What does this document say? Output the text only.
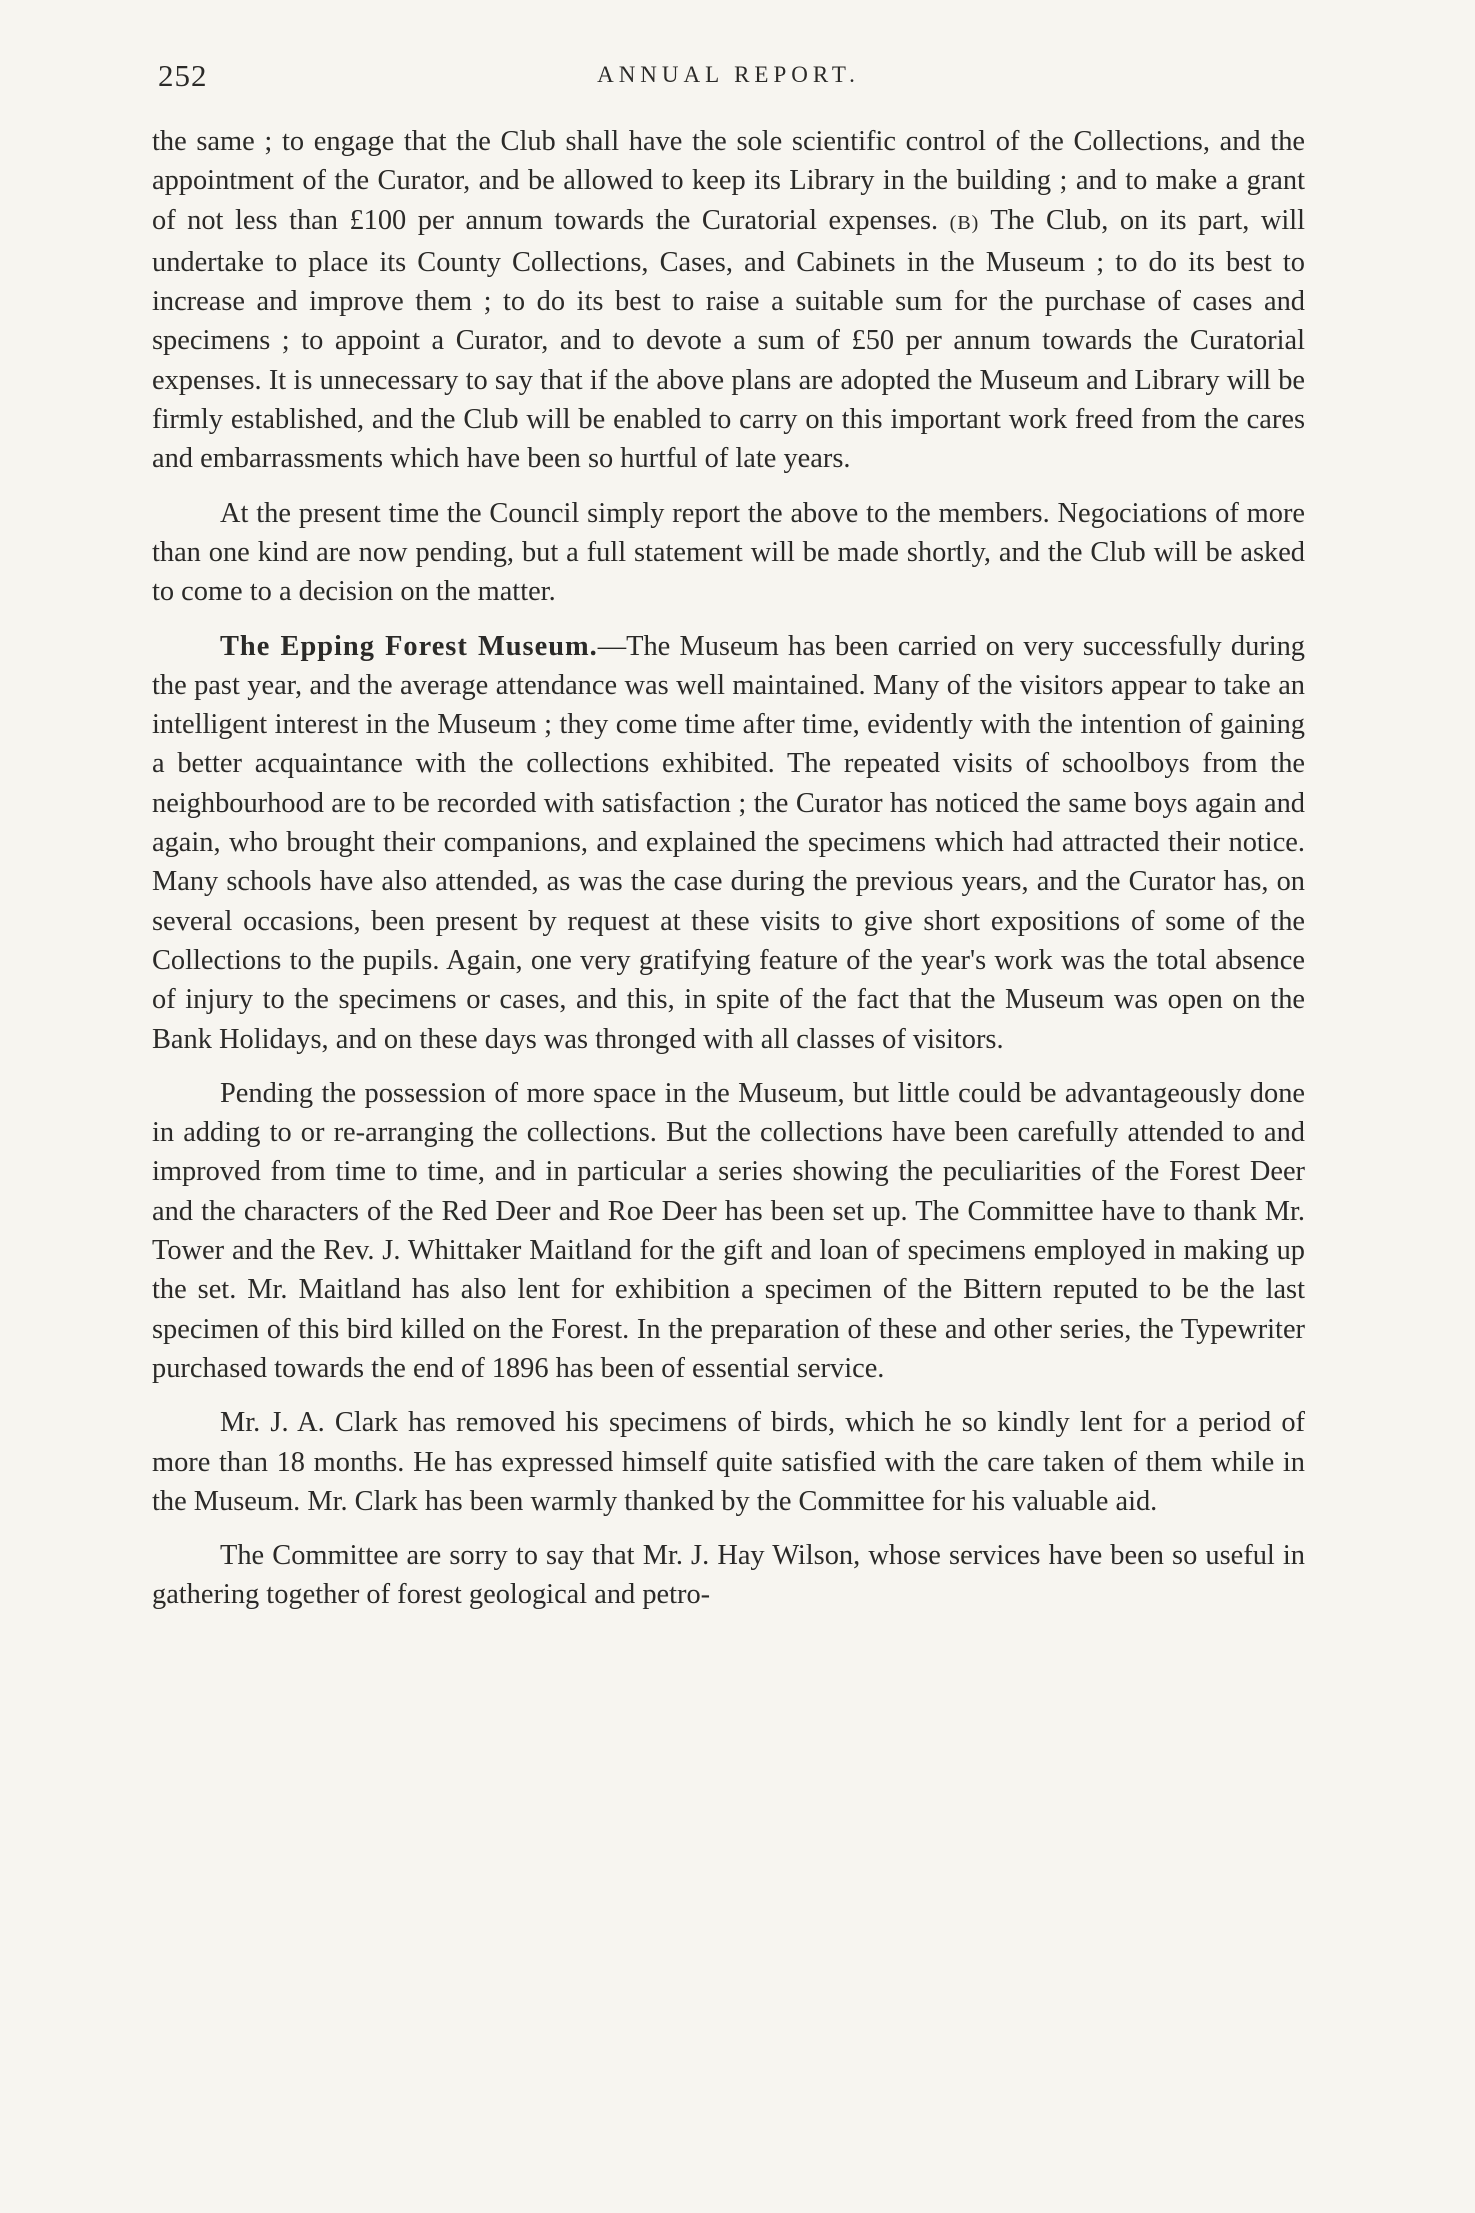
252	ANNUAL REPORT.

the same ; to engage that the Club shall have the sole scientific control of the Collections, and the appointment of the Curator, and be allowed to keep its Library in the building ; and to make a grant of not less than £100 per annum towards the Curatorial expenses. (B) The Club, on its part, will undertake to place its County Collections, Cases, and Cabinets in the Museum ; to do its best to increase and improve them ; to do its best to raise a suitable sum for the purchase of cases and specimens ; to appoint a Curator, and to devote a sum of £50 per annum towards the Curatorial expenses. It is unnecessary to say that if the above plans are adopted the Museum and Library will be firmly established, and the Club will be enabled to carry on this important work freed from the cares and embarrassments which have been so hurtful of late years.

At the present time the Council simply report the above to the members. Negociations of more than one kind are now pending, but a full statement will be made shortly, and the Club will be asked to come to a decision on the matter.

The Epping Forest Museum.—The Museum has been carried on very successfully during the past year, and the average attendance was well maintained. Many of the visitors appear to take an intelligent interest in the Museum ; they come time after time, evidently with the intention of gaining a better acquaintance with the collections exhibited. The repeated visits of schoolboys from the neighbourhood are to be recorded with satisfaction ; the Curator has noticed the same boys again and again, who brought their companions, and explained the specimens which had attracted their notice. Many schools have also attended, as was the case during the previous years, and the Curator has, on several occasions, been present by request at these visits to give short expositions of some of the Collections to the pupils. Again, one very gratifying feature of the year's work was the total absence of injury to the specimens or cases, and this, in spite of the fact that the Museum was open on the Bank Holidays, and on these days was thronged with all classes of visitors.

Pending the possession of more space in the Museum, but little could be advantageously done in adding to or re-arranging the collections. But the collections have been carefully attended to and improved from time to time, and in particular a series showing the peculiarities of the Forest Deer and the characters of the Red Deer and Roe Deer has been set up. The Committee have to thank Mr. Tower and the Rev. J. Whittaker Maitland for the gift and loan of specimens employed in making up the set. Mr. Maitland has also lent for exhibition a specimen of the Bittern reputed to be the last specimen of this bird killed on the Forest. In the preparation of these and other series, the Typewriter purchased towards the end of 1896 has been of essential service.

Mr. J. A. Clark has removed his specimens of birds, which he so kindly lent for a period of more than 18 months. He has expressed himself quite satisfied with the care taken of them while in the Museum. Mr. Clark has been warmly thanked by the Committee for his valuable aid.

The Committee are sorry to say that Mr. J. Hay Wilson, whose services have been so useful in gathering together of forest geological and petro-
